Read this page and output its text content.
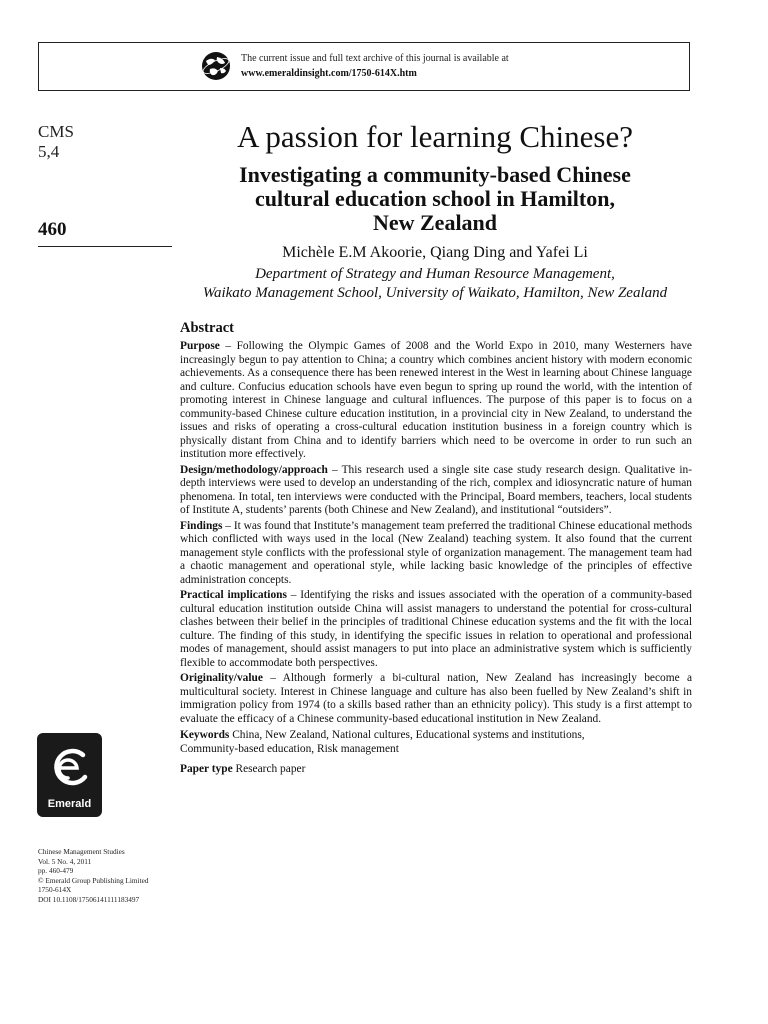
The current issue and full text archive of this journal is available at
www.emeraldinsight.com/1750-614X.htm
CMS
5,4
460
A passion for learning Chinese?
Investigating a community-based Chinese
cultural education school in Hamilton,
New Zealand
Michèle E.M Akoorie, Qiang Ding and Yafei Li
Department of Strategy and Human Resource Management,
Waikato Management School, University of Waikato, Hamilton, New Zealand
Abstract

Purpose – Following the Olympic Games of 2008 and the World Expo in 2010, many Westerners have increasingly begun to pay attention to China; a country which combines ancient history with modern economic achievements. As a consequence there has been renewed interest in the West in learning about Chinese language and culture. Confucius education schools have even begun to spring up round the world, with the intention of promoting interest in Chinese language and cultural influences. The purpose of this paper is to focus on a community-based Chinese culture education institution, in a provincial city in New Zealand, to understand the issues and risks of operating a cross-cultural education institution business in a foreign country which is physically distant from China and to identify barriers which need to be overcome in order to run such an institution more effectively.

Design/methodology/approach – This research used a single site case study research design. Qualitative in-depth interviews were used to develop an understanding of the rich, complex and idiosyncratic nature of human phenomena. In total, ten interviews were conducted with the Principal, Board members, teachers, local students of Institute A, students’ parents (both Chinese and New Zealand), and institutional “outsiders”.

Findings – It was found that Institute’s management team preferred the traditional Chinese educational methods which conflicted with ways used in the local (New Zealand) teaching system. It also found that the current management style conflicts with the professional style of organization management. The management team had a chaotic management and operational style, while lacking basic knowledge of the principles of effective administration concepts.

Practical implications – Identifying the risks and issues associated with the operation of a community-based cultural education institution outside China will assist managers to understand the potential for cross-cultural clashes between their belief in the principles of traditional Chinese education systems and the fit with the local culture. The finding of this study, in identifying the specific issues in relation to operational and professional modes of management, should assist managers to put into place an administrative system which is sufficiently flexible to accommodate both perspectives.

Originality/value – Although formerly a bi-cultural nation, New Zealand has increasingly become a multicultural society. Interest in Chinese language and culture has also been fuelled by New Zealand’s shift in immigration policy from 1974 (to a skills based rather than an ethnicity policy). This study is a first attempt to evaluate the efficacy of a Chinese community-based educational institution in New Zealand.

Keywords China, New Zealand, National cultures, Educational systems and institutions,
Community-based education, Risk management
Paper type Research paper
Emerald
Chinese Management Studies
Vol. 5 No. 4, 2011
pp. 460-479
© Emerald Group Publishing Limited
1750-614X
DOI 10.1108/17506141111183497
